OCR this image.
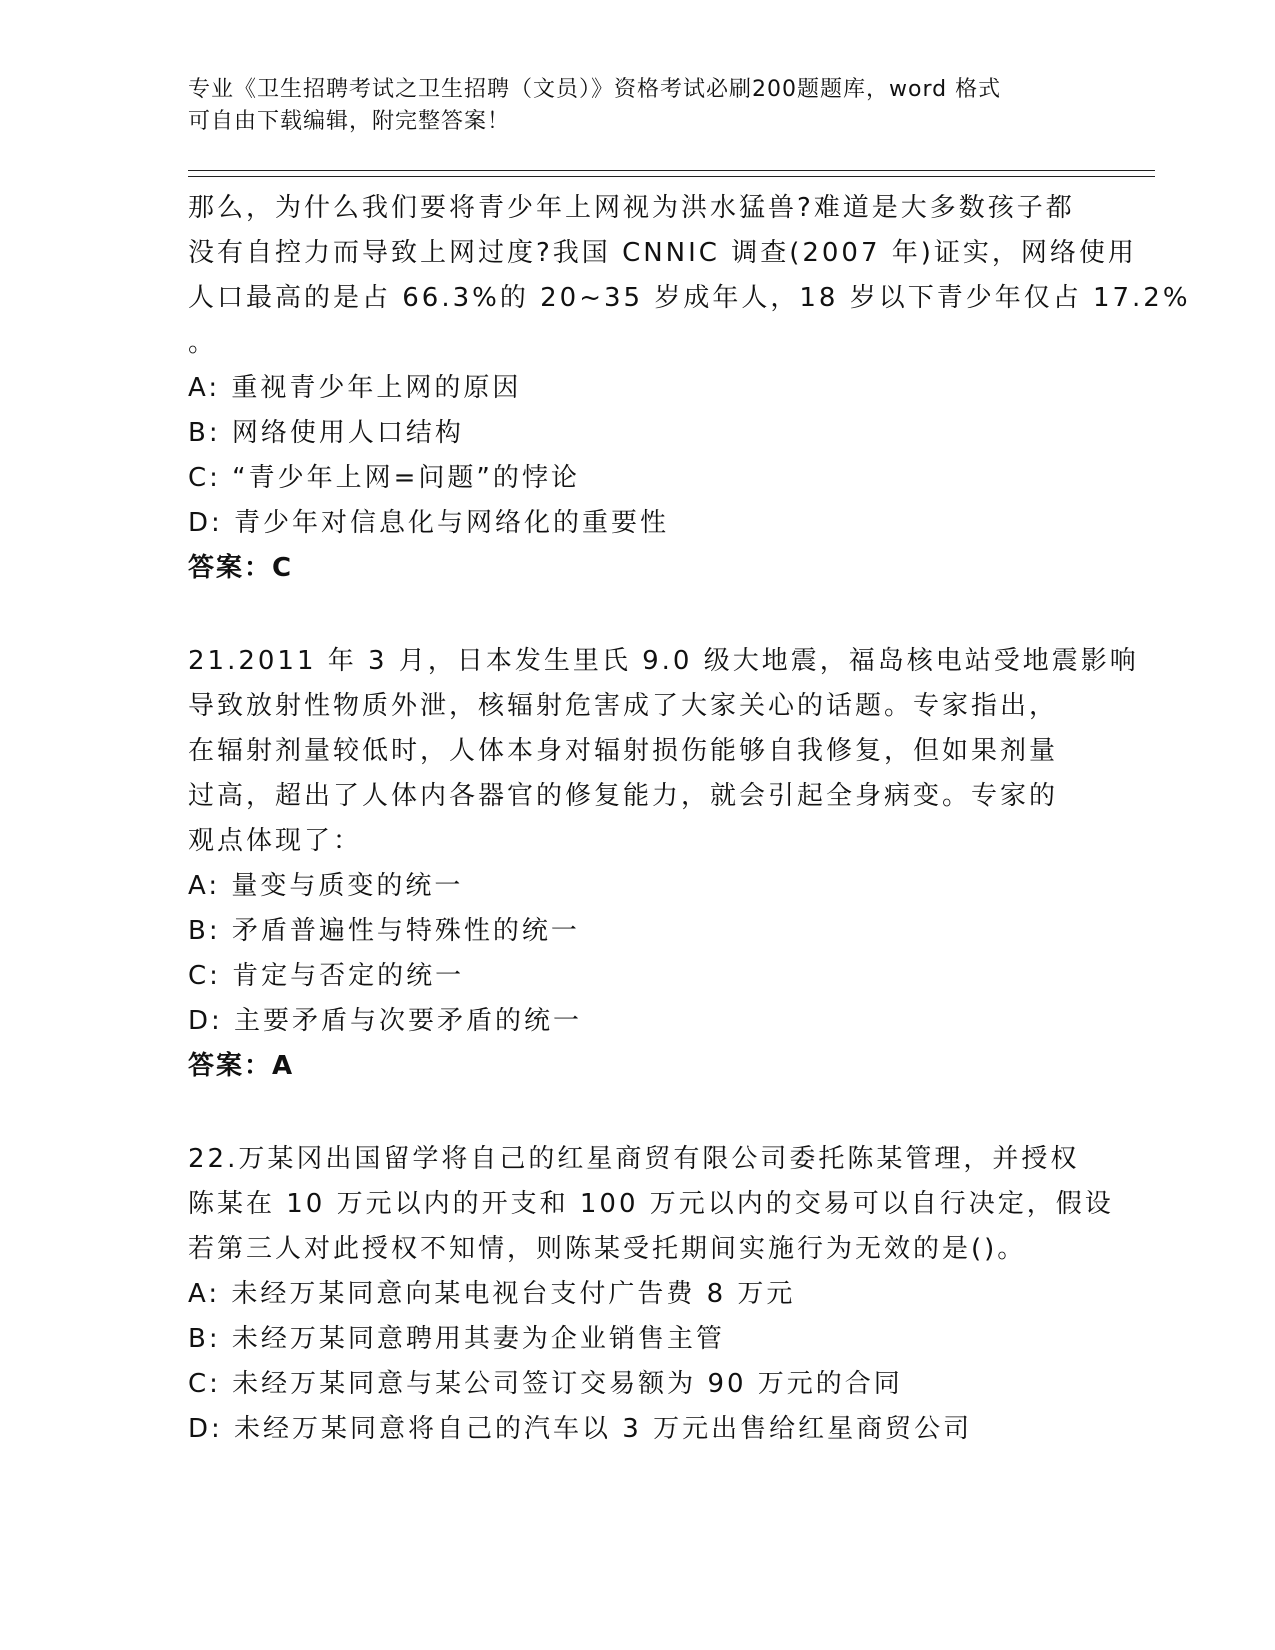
专业《卫生招聘考试之卫生招聘（文员）》资格考试必刷200题题库，word 格式
可自由下载编辑，附完整答案！
那么，为什么我们要将青少年上网视为洪水猛兽?难道是大多数孩子都
没有自控力而导致上网过度?我国 CNNIC 调查(2007 年)证实，网络使用
人口最高的是占 66.3%的 20~35 岁成年人，18 岁以下青少年仅占 17.2%
。
A: 重视青少年上网的原因
B: 网络使用人口结构
C: “青少年上网=问题”的悖论
D: 青少年对信息化与网络化的重要性
答案：C
21.2011 年 3 月，日本发生里氏 9.0 级大地震，福岛核电站受地震影响
导致放射性物质外泄，核辐射危害成了大家关心的话题。专家指出，
在辐射剂量较低时，人体本身对辐射损伤能够自我修复，但如果剂量
过高，超出了人体内各器官的修复能力，就会引起全身病变。专家的
观点体现了：
A: 量变与质变的统一
B: 矛盾普遍性与特殊性的统一
C: 肯定与否定的统一
D: 主要矛盾与次要矛盾的统一
答案：A
22.万某冈出国留学将自己的红星商贸有限公司委托陈某管理，并授权
陈某在 10 万元以内的开支和 100 万元以内的交易可以自行决定，假设
若第三人对此授权不知情，则陈某受托期间实施行为无效的是()。
A: 未经万某同意向某电视台支付广告费 8 万元
B: 未经万某同意聘用其妻为企业销售主管
C: 未经万某同意与某公司签订交易额为 90 万元的合同
D: 未经万某同意将自己的汽车以 3 万元出售给红星商贸公司
